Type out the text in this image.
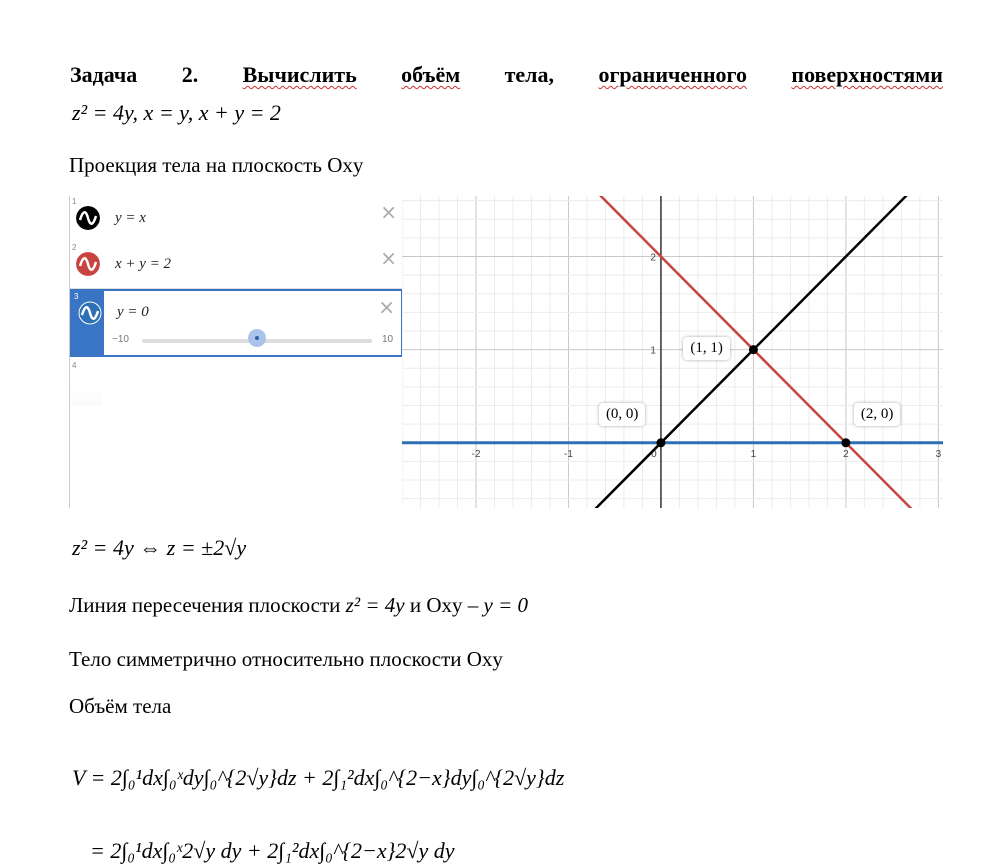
Задача 2. Вычислить объём тела, ограниченного поверхностями
z² = 4y, x = y, x + y = 2
Проекция тела на плоскость Oxy
1
y = x	×
2
x + y = 2	×
3
y = 0	×
−10	10
4
-2	-1	0	1	2	3
1
2
(0, 0)
(1, 1)
(2, 0)
z² = 4y ⇔ z = ±2√y
Линия пересечения плоскости z² = 4y и Oxy – y = 0
Тело симметрично относительно плоскости Oxy
Объём тела
V = 2∫₀¹dx∫₀ˣdy∫₀^{2√y}dz + 2∫₁²dx∫₀^{2−x}dy∫₀^{2√y}dz
= 2∫₀¹dx∫₀ˣ2√y dy + 2∫₁²dx∫₀^{2−x}2√y dy
